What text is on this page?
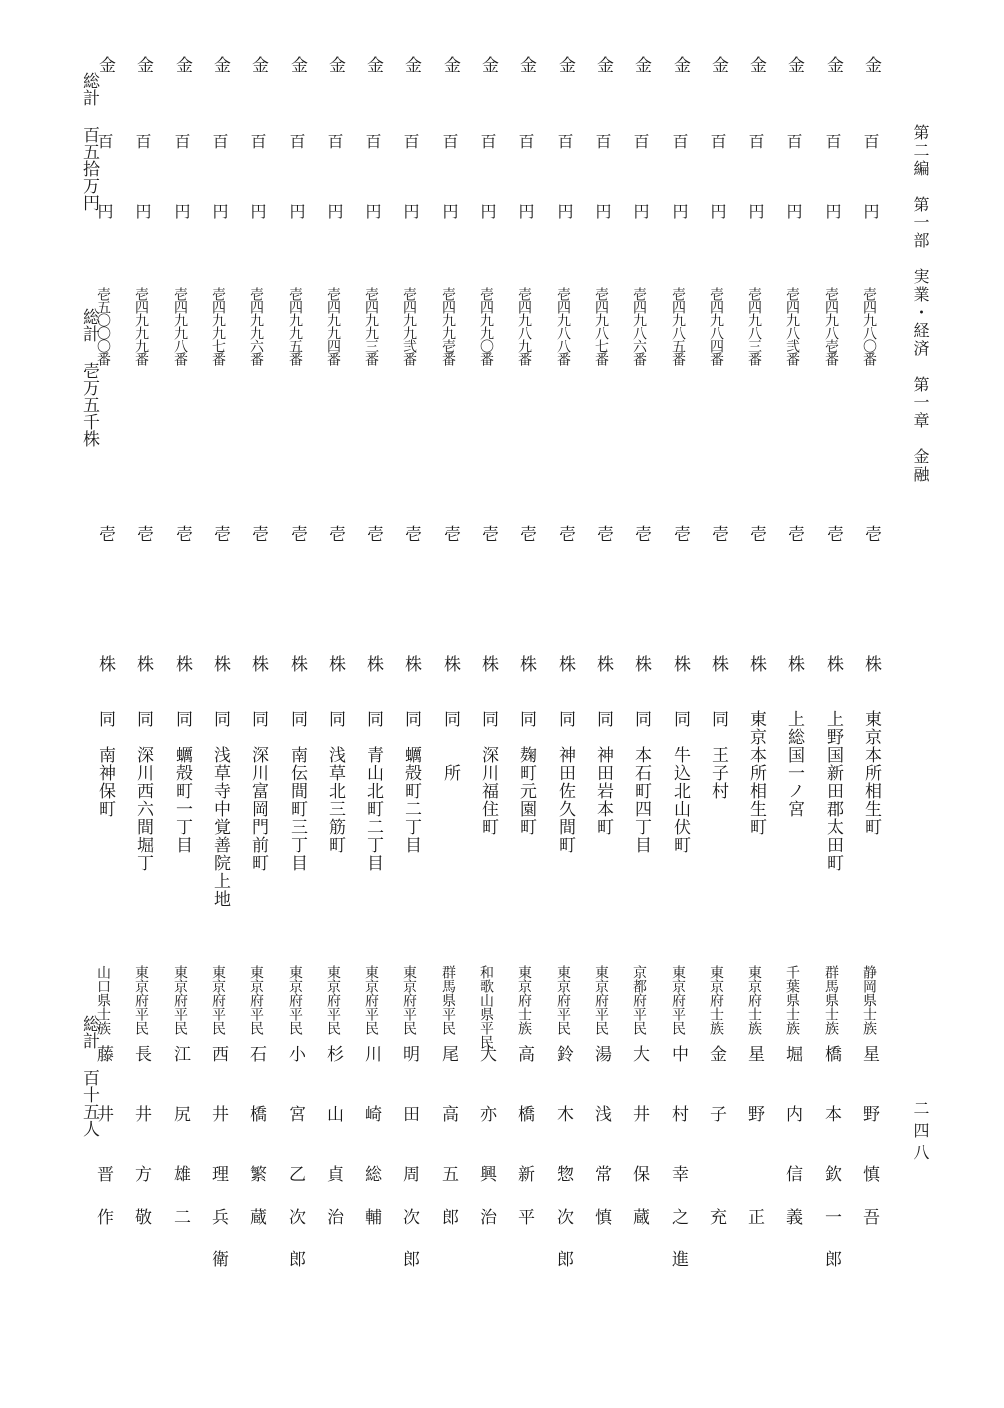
第二編　第一部　実業・経済　第一章　金融
二四八
金
百
円
壱四九八〇番
壱
株
東京本所相生町
静岡県士族
星
野
慎
吾
金
百
円
壱四九八壱番
壱
株
上野国新田郡太田町
群馬県士族
橋
本
欽
一
郎
金
百
円
壱四九八弐番
壱
株
上総国一ノ宮
千葉県士族
堀
内
信
義
金
百
円
壱四九八三番
壱
株
東京本所相生町
東京府士族
星
野
正
金
百
円
壱四九八四番
壱
株
同　王子村
東京府士族
金
子
充
金
百
円
壱四九八五番
壱
株
同　牛込北山伏町
東京府平民
中
村
幸
之
進
金
百
円
壱四九八六番
壱
株
同　本石町四丁目
京都府平民
大
井
保
蔵
金
百
円
壱四九八七番
壱
株
同　神田岩本町
東京府平民
湯
浅
常
慎
金
百
円
壱四九八八番
壱
株
同　神田佐久間町
東京府平民
鈴
木
惣
次
郎
金
百
円
壱四九八九番
壱
株
同　麹町元園町
東京府士族
高
橋
新
平
金
百
円
壱四九九〇番
壱
株
同　深川福住町
和歌山県平民
大
亦
興
治
金
百
円
壱四九九壱番
壱
株
同　　所
群馬県平民
尾
高
五
郎
金
百
円
壱四九九弐番
壱
株
同　蠣殻町二丁目
東京府平民
明
田
周
次
郎
金
百
円
壱四九九三番
壱
株
同　青山北町二丁目
東京府平民
川
崎
総
輔
金
百
円
壱四九九四番
壱
株
同　浅草北三筋町
東京府平民
杉
山
貞
治
金
百
円
壱四九九五番
壱
株
同　南伝間町三丁目
東京府平民
小
宮
乙
次
郎
金
百
円
壱四九九六番
壱
株
同　深川富岡門前町
東京府平民
石
橋
繁
蔵
金
百
円
壱四九九七番
壱
株
同　浅草寺中覚善院上地
東京府平民
西
井
理
兵
衛
金
百
円
壱四九九八番
壱
株
同　蠣殻町一丁目
東京府平民
江
尻
雄
二
金
百
円
壱四九九九番
壱
株
同　深川西六間堀丁
東京府平民
長
井
方
敬
金
百
円
壱五〇〇〇番
壱
株
同　南神保町
山口県士族
藤
井
晋
作
総計百五拾万円
総計壱万五千株
総計百十五人
